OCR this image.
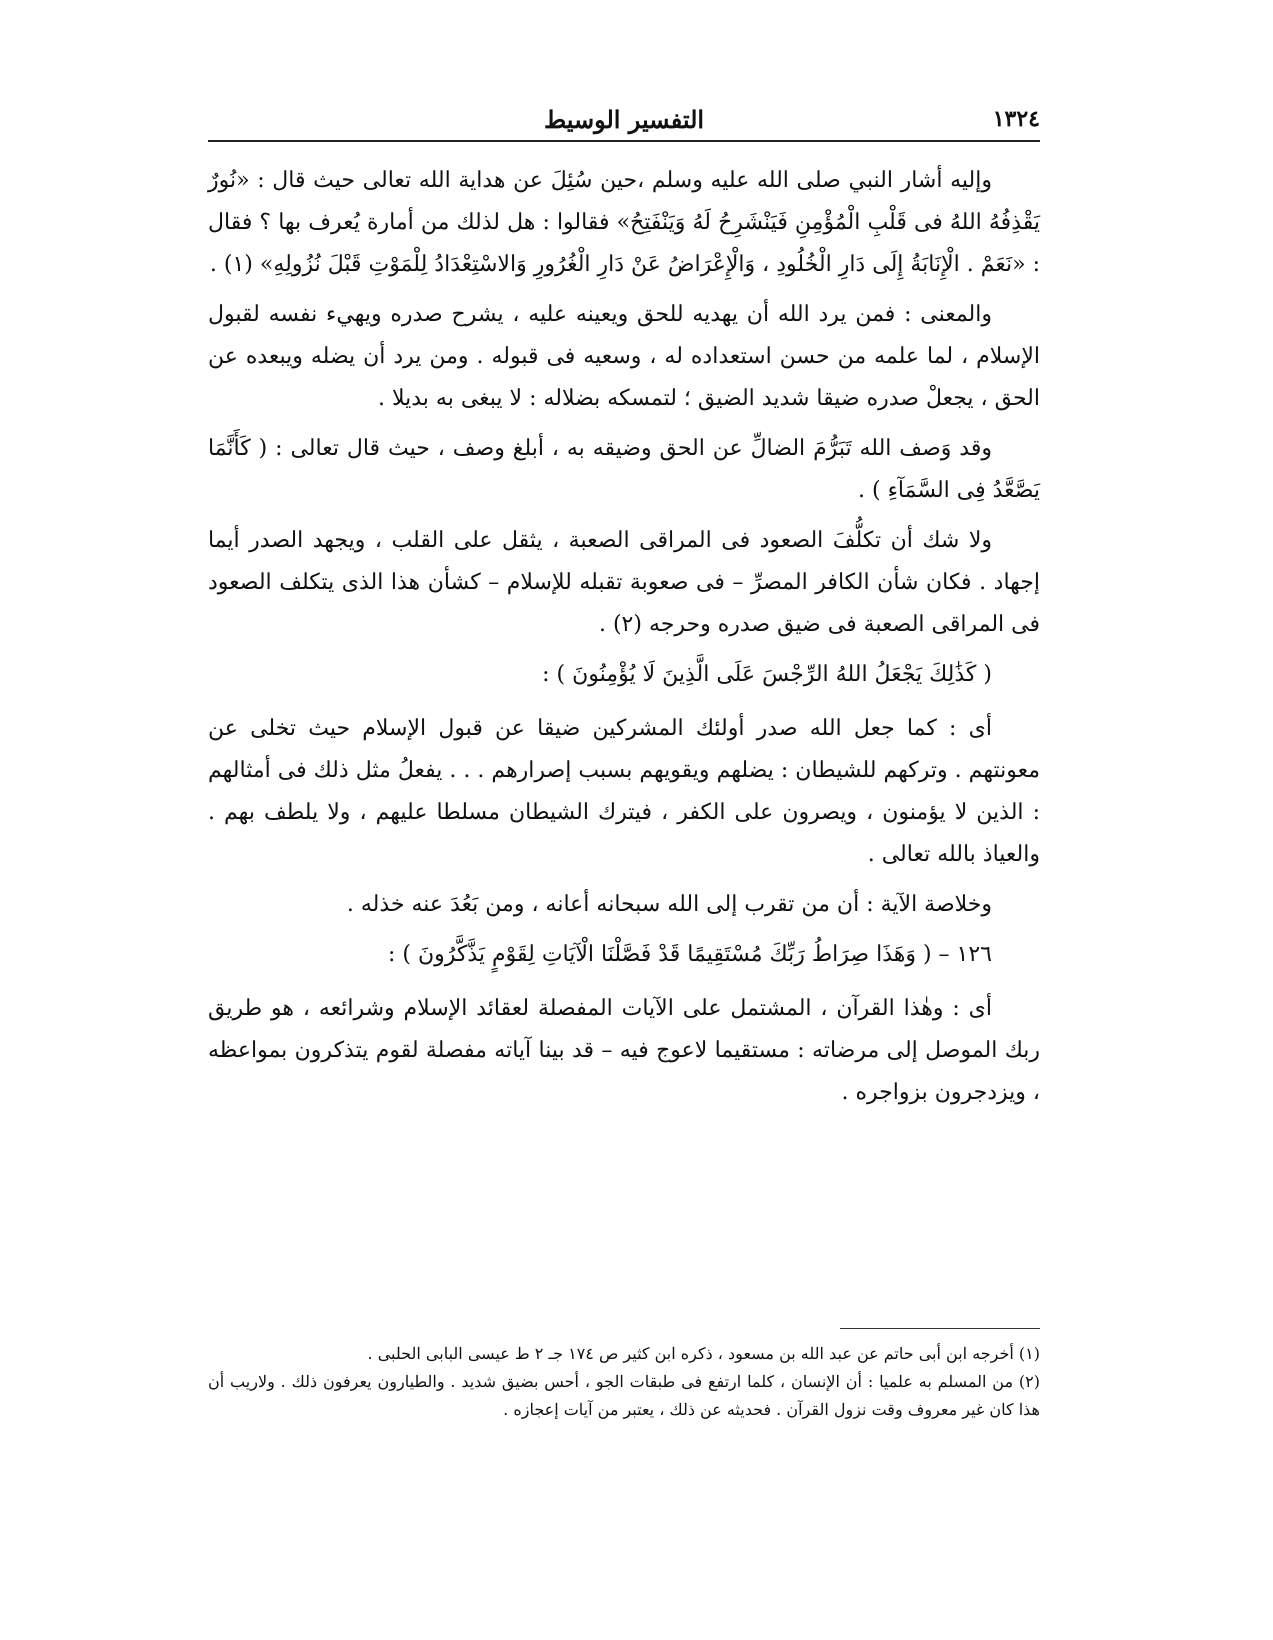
١٣٢٤
التفسير الوسيط

وإليه أشار النبي صلى الله عليه وسلم ،حين سُئِلَ عن هداية الله تعالى حيث قال : «نُورٌ يَقْذِفُهُ اللهُ فى قَلْبِ الْمُؤْمِنِ فَيَنْشَرِحُ لَهُ وَيَنْفَتِحُ» فقالوا : هل لذلك من أمارة يُعرف بها ؟ فقال : «نَعَمْ . الْإِنَابَةُ إِلَى دَارِ الْخُلُودِ ، وَالْإِعْرَاضُ عَنْ دَارِ الْغُرُورِ وَالاسْتِعْدَادُ لِلْمَوْتِ قَبْلَ نُزُولِهِ» (١) .

والمعنى : فمن يرد الله أن يهديه للحق ويعينه عليه ، يشرح صدره ويهيء نفسه لقبول الإسلام ، لما علمه من حسن استعداده له ، وسعيه فى قبوله . ومن يرد أن يضله ويبعده عن الحق ، يجعلْ صدره ضيقا شديد الضيق ؛ لتمسكه بضلاله : لا يبغى به بديلا .

وقد وَصف الله تَبَرُّمَ الضالِّ عن الحق وضيقه به ، أبلغ وصف ، حيث قال تعالى : ( كَأَنَّمَا يَصَّعَّدُ فِى السَّمَآءِ ) .

ولا شك أن تكلُّفَ الصعود فى المراقى الصعبة ، يثقل على القلب ، ويجهد الصدر أيما إجهاد . فكان شأن الكافر المصرِّ – فى صعوبة تقبله للإسلام – كشأن هذا الذى يتكلف الصعود فى المراقى الصعبة فى ضيق صدره وحرجه (٢) .

( كَذَٰلِكَ يَجْعَلُ اللهُ الرِّجْسَ عَلَى الَّذِينَ لَا يُؤْمِنُونَ ) :

أى : كما جعل الله صدر أولئك المشركين ضيقا عن قبول الإسلام حيث تخلى عن معونتهم . وتركهم للشيطان : يضلهم ويقويهم بسبب إصرارهم . . . يفعلُ مثل ذلك فى أمثالهم : الذين لا يؤمنون ، ويصرون على الكفر ، فيترك الشيطان مسلطا عليهم ، ولا يلطف بهم . والعياذ بالله تعالى .

وخلاصة الآية : أن من تقرب إلى الله سبحانه أعانه ، ومن بَعُدَ عنه خذله .

١٢٦ – ( وَهَذَا صِرَاطُ رَبِّكَ مُسْتَقِيمًا قَدْ فَصَّلْنَا الْآيَاتِ لِقَوْمٍ يَذَّكَّرُونَ ) :

أى : وهٰذا القرآن ، المشتمل على الآيات المفصلة لعقائد الإسلام وشرائعه ، هو طريق ربك الموصل إلى مرضاته : مستقيما لاعوج فيه – قد بينا آياته مفصلة لقوم يتذكرون بمواعظه ، ويزدجرون بزواجره .

(١) أخرجه ابن أبى حاتم عن عبد الله بن مسعود ، ذكره ابن كثير ص ١٧٤ جـ ٢ ط عيسى البابى الحلبى .

(٢) من المسلم به علميا : أن الإنسان ، كلما ارتفع فى طبقات الجو ، أحس بضيق شديد . والطيارون يعرفون ذلك . ولاريب أن هذا كان غير معروف وقت نزول القرآن . فحديثه عن ذلك ، يعتبر من آيات إعجازه .
